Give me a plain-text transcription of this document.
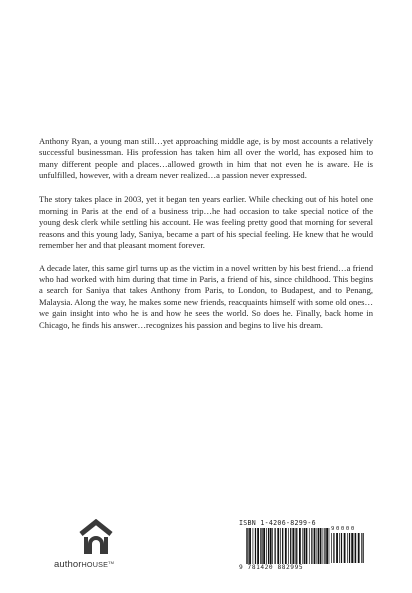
Anthony Ryan, a young man still…yet approaching middle age, is by most accounts a relatively successful businessman. His profession has taken him all over the world, has exposed him to many different people and places…allowed growth in him that not even he is aware. He is unfulfilled, however, with a dream never realized…a passion never expressed.

The story takes place in 2003, yet it began ten years earlier. While checking out of his hotel one morning in Paris at the end of a business trip…he had occasion to take special notice of the young desk clerk while settling his account. He was feeling pretty good that morning for several reasons and this young lady, Saniya, became a part of his special feeling. He knew that he would remember her and that pleasant moment forever.

A decade later, this same girl turns up as the victim in a novel written by his best friend…a friend who had worked with him during that time in Paris, a friend of his, since childhood. This begins a search for Saniya that takes Anthony from Paris, to London, to Budapest, and to Penang, Malaysia. Along the way, he makes some new friends, reacquaints himself with some old ones… we gain insight into who he is and how he sees the world. So does he. Finally, back home in Chicago, he finds his answer…recognizes his passion and begins to live his dream.

authorHOUSE™
ISBN 1-4206-8299-6
90000
9 781420 882995
